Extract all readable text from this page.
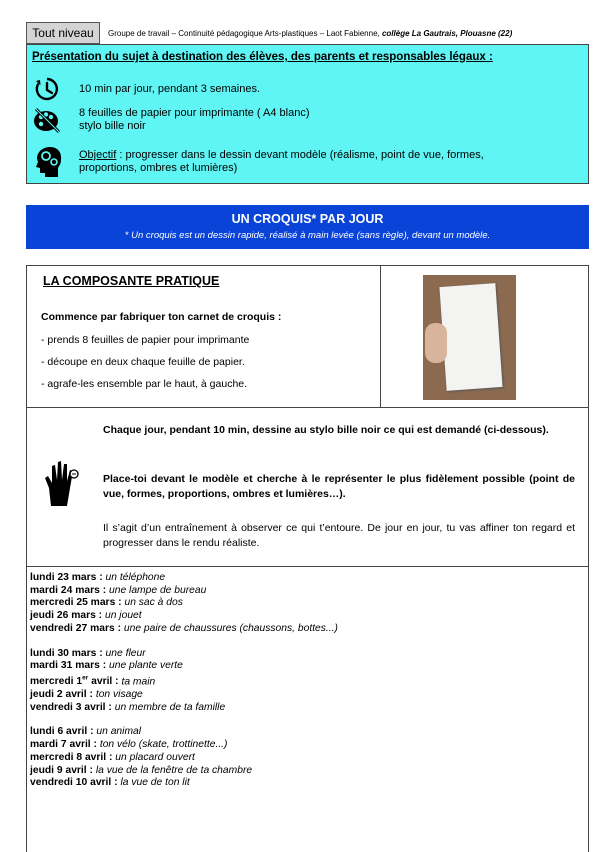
Tout niveau	Groupe de travail – Continuité pédagogique Arts-plastiques – Laot Fabienne, collège La Gautrais, Plouasne (22)
Présentation du sujet à destination des élèves, des parents et responsables légaux :
10 min par jour, pendant 3 semaines.
8 feuilles de papier pour imprimante ( A4 blanc)
stylo bille noir
Objectif : progresser dans le dessin devant modèle (réalisme, point de vue, formes,
proportions, ombres et lumières)
UN CROQUIS* PAR JOUR
* Un croquis est un dessin rapide, réalisé à main levée (sans règle), devant un modèle.
LA COMPOSANTE PRATIQUE
Commence par fabriquer ton carnet de croquis :
- prends 8 feuilles de papier pour imprimante
- découpe en deux chaque feuille de papier.
- agrafe-les ensemble par le haut, à gauche.
Chaque jour, pendant 10 min, dessine au stylo bille noir ce qui est demandé (ci-dessous).
Place-toi devant le modèle et cherche à le représenter le plus fidèlement possible (point de vue, formes, proportions, ombres et lumières…).
Il s’agit d’un entraînement à observer ce qui t’entoure. De jour en jour, tu vas affiner ton regard et progresser dans le rendu réaliste.
lundi 23 mars : un téléphone
mardi 24 mars : une lampe de bureau
mercredi 25 mars : un sac à dos
jeudi 26 mars : un jouet
vendredi 27 mars : une paire de chaussures (chaussons, bottes...)
lundi 30 mars : une fleur
mardi 31 mars : une plante verte
mercredi 1er avril : ta main
jeudi 2 avril : ton visage
vendredi 3 avril : un membre de ta famille
lundi 6 avril : un animal
mardi 7 avril : ton vélo (skate, trottinette...)
mercredi 8 avril : un placard ouvert
jeudi 9 avril : la vue de la fenêtre de ta chambre
vendredi 10 avril : la vue de ton lit
